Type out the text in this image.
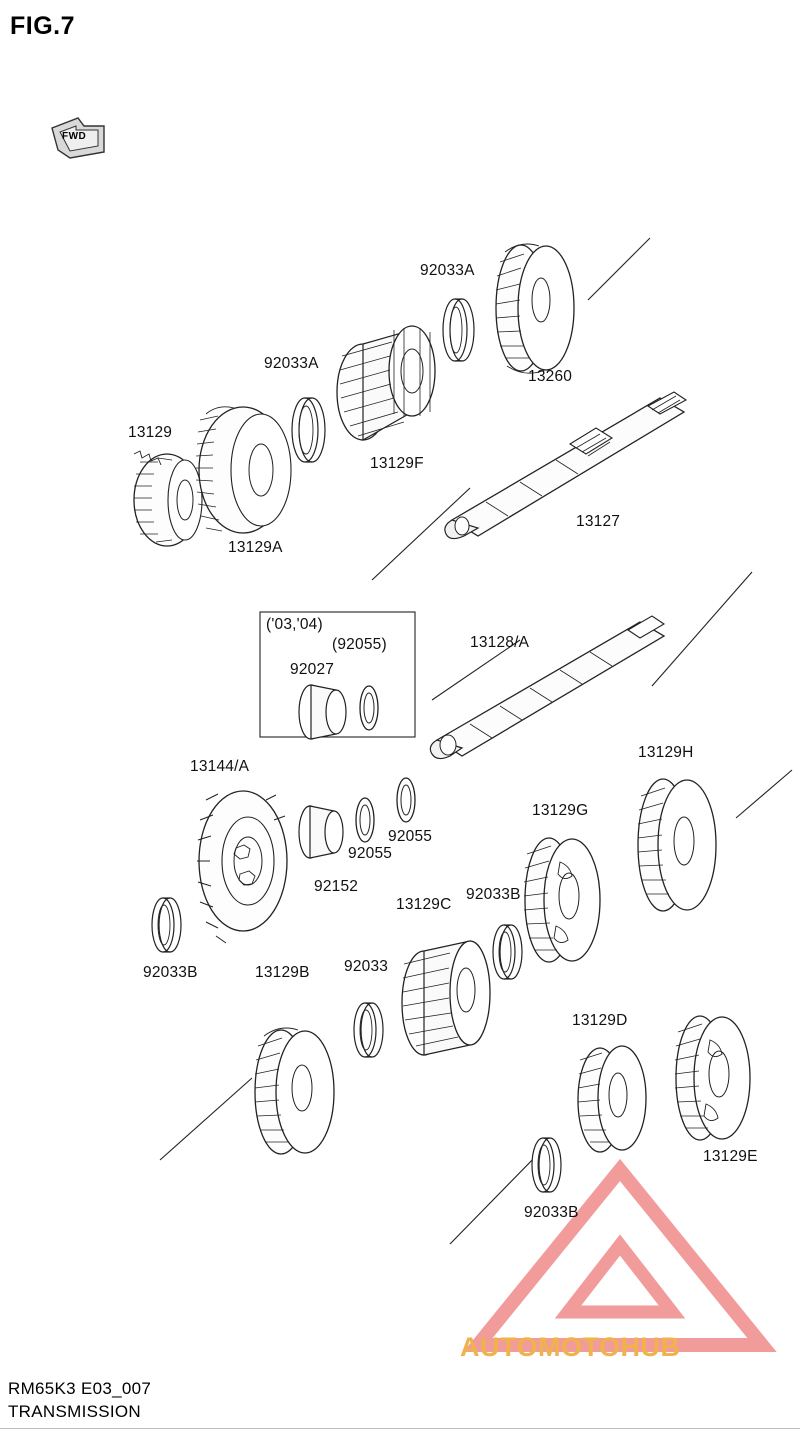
FIG.7
FWD
92033A
13260
92033A
13129F
13129
13129A
13127
('03,'04)
(92055)
92027
13128/A
13144/A
92055
92055
92152
13129H
13129G
13129C
92033B
92033B	13129B 92033
13129D
13129E
92033B
AUTOMOTOHUB
RM65K3 E03_007
TRANSMISSION
